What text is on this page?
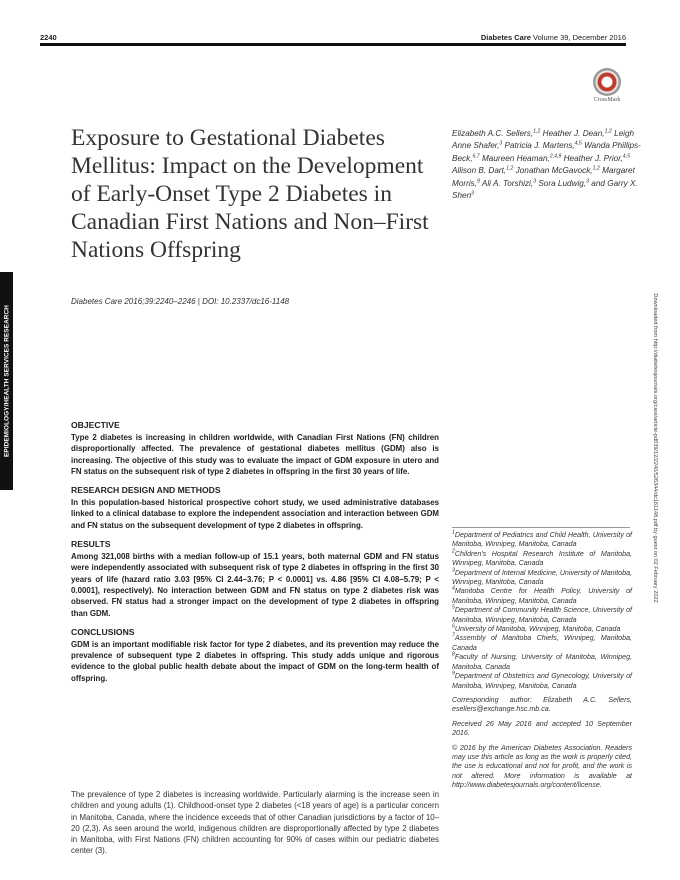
2240	Diabetes Care Volume 39, December 2016
CrossMark
EPIDEMIOLOGY/HEALTH SERVICES RESEARCH	Downloaded from http://diabetesjournals.org/care/article-pdf/39/12/2240/526344/dc161148.pdf by guest on 02 February 2022
Exposure to Gestational Diabetes Mellitus: Impact on the Development of Early-Onset Type 2 Diabetes in Canadian First Nations and Non–First Nations Offspring
Diabetes Care 2016;39:2240–2246 | DOI: 10.2337/dc16-1148
Elizabeth A.C. Sellers,$^{1,2}$ Heather J. Dean,$^{1,2}$ Leigh Anne Shafer,$^3$ Patricia J. Martens,$^{4,5}$ Wanda Phillips-Beck,$^{6,7}$ Maureen Heaman,$^{2,4,8}$ Heather J. Prior,$^{4,5}$ Allison B. Dart,$^{1,2}$ Jonathan McGavock,$^{1,2}$ Margaret Morris,$^9$ Ali A. Torshizi,$^3$ Sora Ludwig,$^3$ and Garry X. Shen$^3$
OBJECTIVE

Type 2 diabetes is increasing in children worldwide, with Canadian First Nations (FN) children disproportionally affected. The prevalence of gestational diabetes mellitus (GDM) also is increasing. The objective of this study was to evaluate the impact of GDM exposure in utero and FN status on the subsequent risk of type 2 diabetes in offspring in the first 30 years of life.

RESEARCH DESIGN AND METHODS

In this population-based historical prospective cohort study, we used administrative databases linked to a clinical database to explore the independent association and interaction between GDM and FN status on the subsequent development of type 2 diabetes in offspring.

RESULTS

Among 321,008 births with a median follow-up of 15.1 years, both maternal GDM and FN status were independently associated with subsequent risk of type 2 diabetes in offspring in the first 30 years of life (hazard ratio 3.03 [95% CI 2.44–3.76; P < 0.0001] vs. 4.86 [95% CI 4.08–5.79; P < 0.0001], respectively). No interaction between GDM and FN status on type 2 diabetes risk was observed. FN status had a stronger impact on the development of type 2 diabetes in offspring than GDM.

CONCLUSIONS

GDM is an important modifiable risk factor for type 2 diabetes, and its prevention may reduce the prevalence of subsequent type 2 diabetes in offspring. This study adds unique and rigorous evidence to the global public health debate about the impact of GDM on the long-term health of offspring.

The prevalence of type 2 diabetes is increasing worldwide. Particularly alarming is the increase seen in children and young adults (1). Childhood-onset type 2 diabetes (<18 years of age) is a particular concern in Manitoba, Canada, where the incidence exceeds that of other Canadian jurisdictions by a factor of 10–20 (2,3). As seen around the world, indigenous children are disproportionally affected by type 2 diabetes in Manitoba, with First Nations (FN) children accounting for 90% of cases within our pediatric diabetes center (3).

$^1$Department of Pediatrics and Child Health, University of Manitoba, Winnipeg, Manitoba, Canada

$^2$Children's Hospital Research Institute of Manitoba, Winnipeg, Manitoba, Canada

$^3$Department of Internal Medicine, University of Manitoba, Winnipeg, Manitoba, Canada

$^4$Manitoba Centre for Health Policy, University of Manitoba, Winnipeg, Manitoba, Canada

$^5$Department of Community Health Science, University of Manitoba, Winnipeg, Manitoba, Canada

$^6$University of Manitoba, Winnipeg, Manitoba, Canada

$^7$Assembly of Manitoba Chiefs, Winnipeg, Manitoba, Canada

$^8$Faculty of Nursing, University of Manitoba, Winnipeg, Manitoba, Canada

$^9$Department of Obstetrics and Gynecology, University of Manitoba, Winnipeg, Manitoba, Canada

Corresponding author: Elizabeth A.C. Sellers, esellers@exchange.hsc.mb.ca.

Received 26 May 2016 and accepted 10 September 2016.

© 2016 by the American Diabetes Association. Readers may use this article as long as the work is properly cited, the use is educational and not for profit, and the work is not altered. More information is available at http://www.diabetesjournals.org/content/license.
